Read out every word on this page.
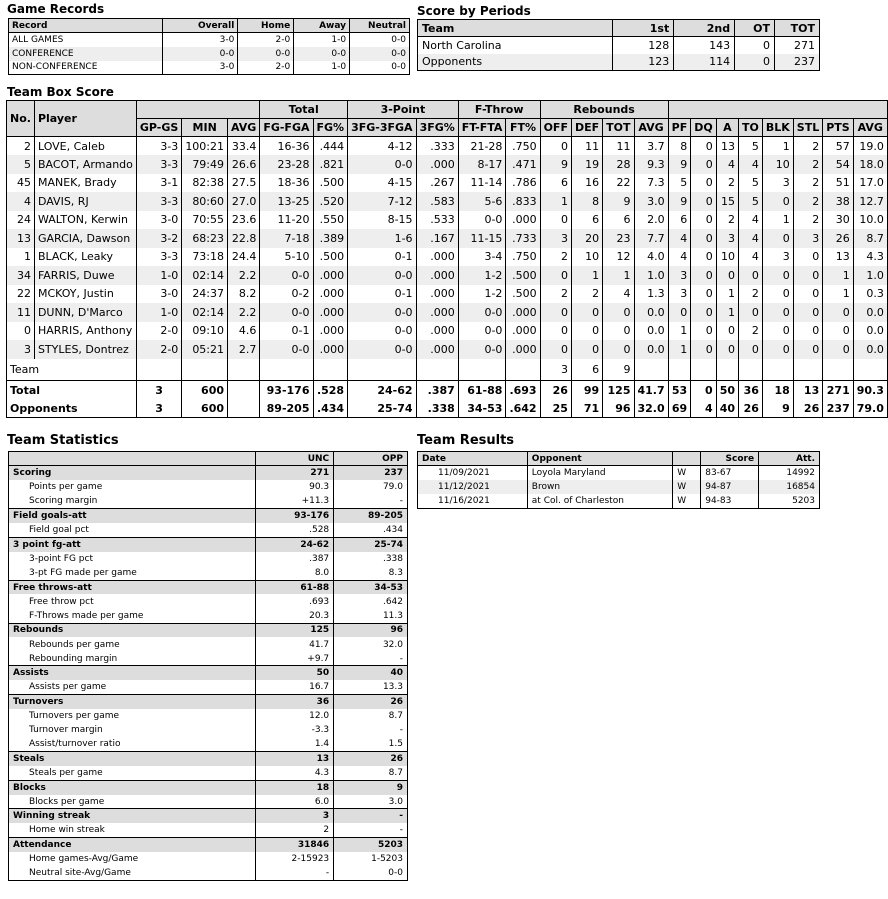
Game Records
Record	Overall	Home	Away	Neutral
ALL GAMES	3-0	2-0	1-0	0-0
CONFERENCE	0-0	0-0	0-0	0-0
NON-CONFERENCE	3-0	2-0	1-0	0-0
Score by Periods
Team	1st	2nd	OT	TOT
North Carolina	128	143	0	271
Opponents	123	114	0	237
Team Box Score
No.	Player				Total		3-Point		F-Throw		Rebounds											
		GP-GS	MIN	AVG	FG-FGA	FG%	3FG-3FGA	3FG%	FT-FTA	FT%	OFF	DEF	TOT	AVG	PF	DQ	A	TO	BLK	STL	PTS	AVG
2	LOVE, Caleb	3-3	100:21	33.4	16-36	.444	4-12	.333	21-28	.750	0	11	11	3.7	8	0	13	5	1	2	57	19.0
5	BACOT, Armando	3-3	79:49	26.6	23-28	.821	0-0	.000	8-17	.471	9	19	28	9.3	9	0	4	4	10	2	54	18.0
45	MANEK, Brady	3-1	82:38	27.5	18-36	.500	4-15	.267	11-14	.786	6	16	22	7.3	5	0	2	5	3	2	51	17.0
4	DAVIS, RJ	3-3	80:60	27.0	13-25	.520	7-12	.583	5-6	.833	1	8	9	3.0	9	0	15	5	0	2	38	12.7
24	WALTON, Kerwin	3-0	70:55	23.6	11-20	.550	8-15	.533	0-0	.000	0	6	6	2.0	6	0	2	4	1	2	30	10.0
13	GARCIA, Dawson	3-2	68:23	22.8	7-18	.389	1-6	.167	11-15	.733	3	20	23	7.7	4	0	3	4	0	3	26	8.7
1	BLACK, Leaky	3-3	73:18	24.4	5-10	.500	0-1	.000	3-4	.750	2	10	12	4.0	4	0	10	4	3	0	13	4.3
34	FARRIS, Duwe	1-0	02:14	2.2	0-0	.000	0-0	.000	1-2	.500	0	1	1	1.0	3	0	0	0	0	0	1	1.0
22	MCKOY, Justin	3-0	24:37	8.2	0-2	.000	0-1	.000	1-2	.500	2	2	4	1.3	3	0	1	2	0	0	1	0.3
11	DUNN, D'Marco	1-0	02:14	2.2	0-0	.000	0-0	.000	0-0	.000	0	0	0	0.0	0	0	1	0	0	0	0	0.0
0	HARRIS, Anthony	2-0	09:10	4.6	0-1	.000	0-0	.000	0-0	.000	0	0	0	0.0	1	0	0	2	0	0	0	0.0
3	STYLES, Dontrez	2-0	05:21	2.7	0-0	.000	0-0	.000	0-0	.000	0	0	0	0.0	1	0	0	0	0	0	0	0.0
Team											3	6	9									
Total		3	600		93-176	.528	24-62	.387	61-88	.693	26	99	125	41.7	53	0	50	36	18	13	271	90.3
Opponents		3	600		89-205	.434	25-74	.338	34-53	.642	25	71	96	32.0	69	4	40	26	9	26	237	79.0
Team Statistics
	UNC	OPP
Scoring	271	237
Points per game	90.3	79.0
Scoring margin	+11.3	-
Field goals-att	93-176	89-205
Field goal pct	.528	.434
3 point fg-att	24-62	25-74
3-point FG pct	.387	.338
3-pt FG made per game	8.0	8.3
Free throws-att	61-88	34-53
Free throw pct	.693	.642
F-Throws made per game	20.3	11.3
Rebounds	125	96
Rebounds per game	41.7	32.0
Rebounding margin	+9.7	-
Assists	50	40
Assists per game	16.7	13.3
Turnovers	36	26
Turnovers per game	12.0	8.7
Turnover margin	-3.3	-
Assist/turnover ratio	1.4	1.5
Steals	13	26
Steals per game	4.3	8.7
Blocks	18	9
Blocks per game	6.0	3.0
Winning streak	3	-
Home win streak	2	-
Attendance	31846	5203
Home games-Avg/Game	2-15923	1-5203
Neutral site-Avg/Game	-	0-0
Team Results
Date	Opponent		Score	Att.
11/09/2021	Loyola Maryland	W	83-67	14992
11/12/2021	Brown	W	94-87	16854
11/16/2021	at Col. of Charleston	W	94-83	5203
